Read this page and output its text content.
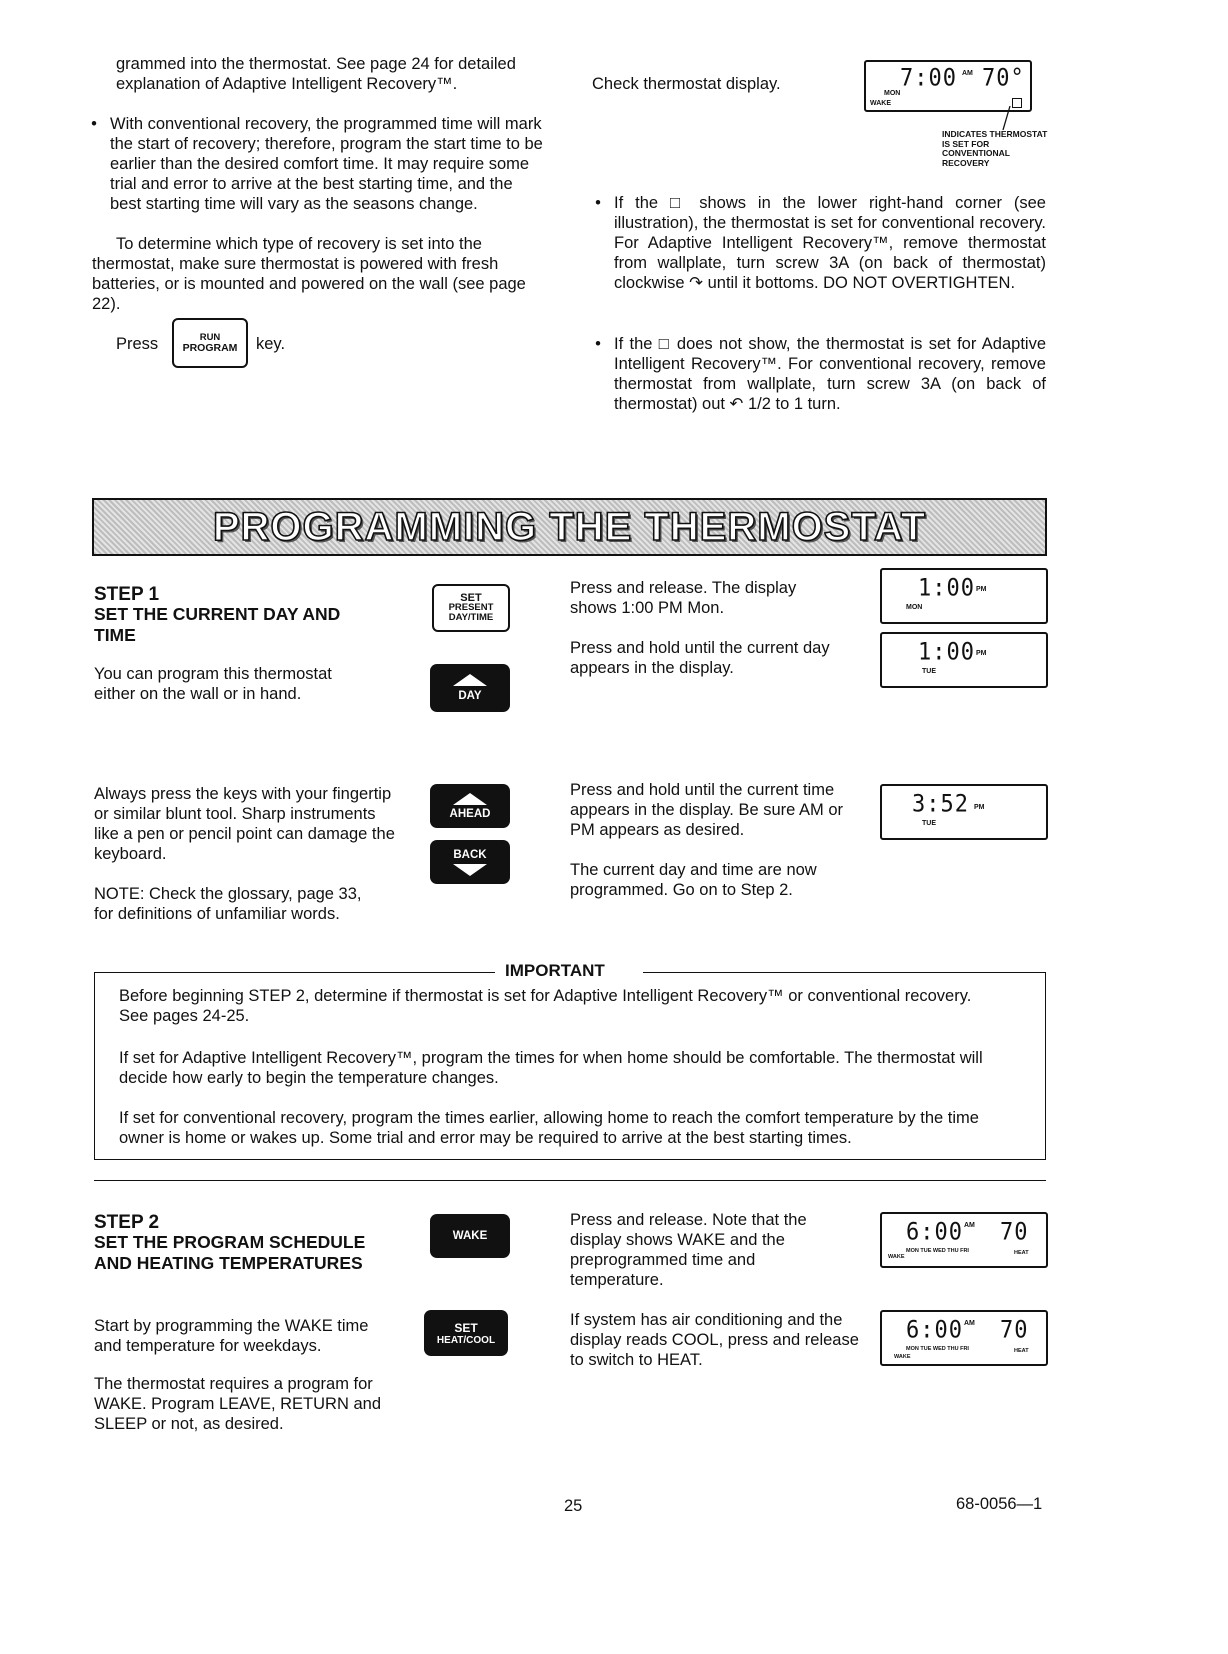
grammed into the thermostat. See page 24 for detailed explanation of Adaptive Intelligent Recovery™.
• With conventional recovery, the programmed time will mark the start of recovery; therefore, program the start time to be earlier than the desired comfort time. It may require some trial and error to arrive at the best starting time, and the best starting time will vary as the seasons change.
To determine which type of recovery is set into the thermostat, make sure thermostat is powered with fresh batteries, or is mounted and powered on the wall (see page 22).
Press	RUN
PROGRAM key.
Check thermostat display.	7:00 AM 70°
MON
WAKE
INDICATES THERMOSTAT IS SET FOR CONVENTIONAL RECOVERY
• If the □ shows in the lower right-hand corner (see illustration), the thermostat is set for conventional recovery. For Adaptive Intelligent Recovery™, remove thermostat from wallplate, turn screw 3A (on back of thermostat) clockwise ↷ until it bottoms. DO NOT OVERTIGHTEN.
• If the □ does not show, the thermostat is set for Adaptive Intelligent Recovery™. For conventional recovery, remove thermostat from wallplate, turn screw 3A (on back of thermostat) out ↶ 1/2 to 1 turn.
PROGRAMMING THE THERMOSTAT
STEP 1
SET THE CURRENT DAY AND TIME
You can program this thermostat either on the wall or in hand.
SET
PRESENT
DAY/TIME
DAY
Press and release. The display shows 1:00 PM Mon.
Press and hold until the current day appears in the display.
1:00 PM
MON
1:00 PM
TUE
Always press the keys with your fingertip or similar blunt tool. Sharp instruments like a pen or pencil point can damage the keyboard.
NOTE: Check the glossary, page 33, for definitions of unfamiliar words.
AHEAD
BACK
Press and hold until the current time appears in the display. Be sure AM or PM appears as desired.
The current day and time are now programmed. Go on to Step 2.
3:52 PM
TUE
IMPORTANT
Before beginning STEP 2, determine if thermostat is set for Adaptive Intelligent Recovery™ or conventional recovery. See pages 24-25.
If set for Adaptive Intelligent Recovery™, program the times for when home should be comfortable. The thermostat will decide how early to begin the temperature changes.
If set for conventional recovery, program the times earlier, allowing home to reach the comfort temperature by the time owner is home or wakes up. Some trial and error may be required to arrive at the best starting times.
STEP 2
SET THE PROGRAM SCHEDULE AND HEATING TEMPERATURES
Start by programming the WAKE time and temperature for weekdays.
The thermostat requires a program for WAKE. Program LEAVE, RETURN and SLEEP or not, as desired.
WAKE
SET
HEAT/COOL
Press and release. Note that the display shows WAKE and the preprogrammed time and temperature.
If system has air conditioning and the display reads COOL, press and release to switch to HEAT.
6:00 AM 70
MON TUE WED THU FRI
WAKE
HEAT
6:00 AM 70
MON TUE WED THU FRI
WAKE
HEAT
25	68-0056—1
